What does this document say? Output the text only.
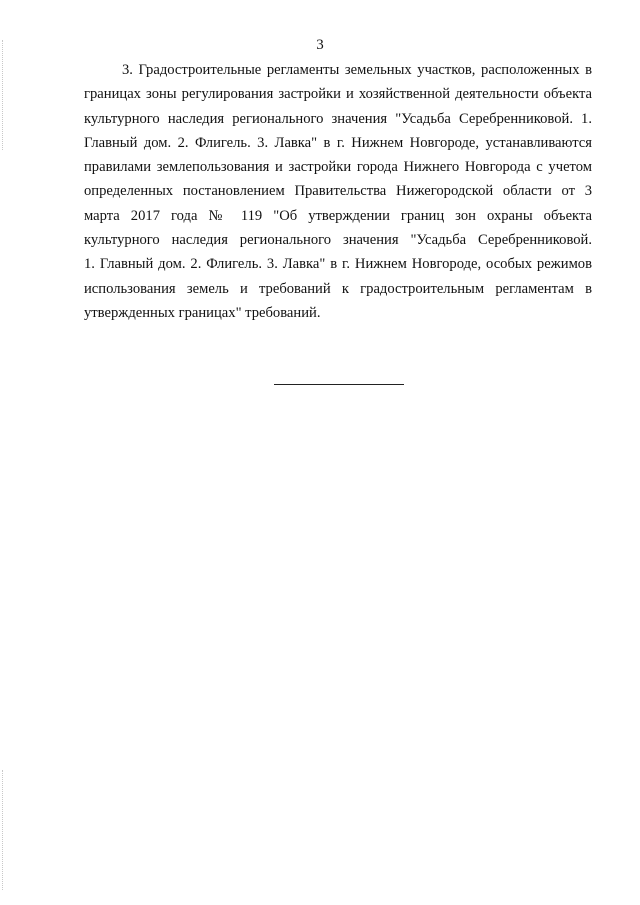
3

3. Градостроительные регламенты земельных участков, расположенных в
границах зоны регулирования застройки и хозяйственной деятельности объекта
культурного наследия регионального значения "Усадьба Серебренниковой. 1.
Главный дом. 2. Флигель. 3. Лавка" в г. Нижнем Новгороде, устанавливаются
правилами землепользования и застройки города Нижнего Новгорода с учетом
определенных постановлением Правительства Нижегородской области от 3
марта 2017 года № 119 "Об утверждении границ зон охраны объекта
культурного наследия регионального значения "Усадьба Серебренниковой.
1. Главный дом. 2. Флигель. 3. Лавка" в г. Нижнем Новгороде, особых режимов
использования земель и требований к градостроительным регламентам в
утвержденных границах" требований.
